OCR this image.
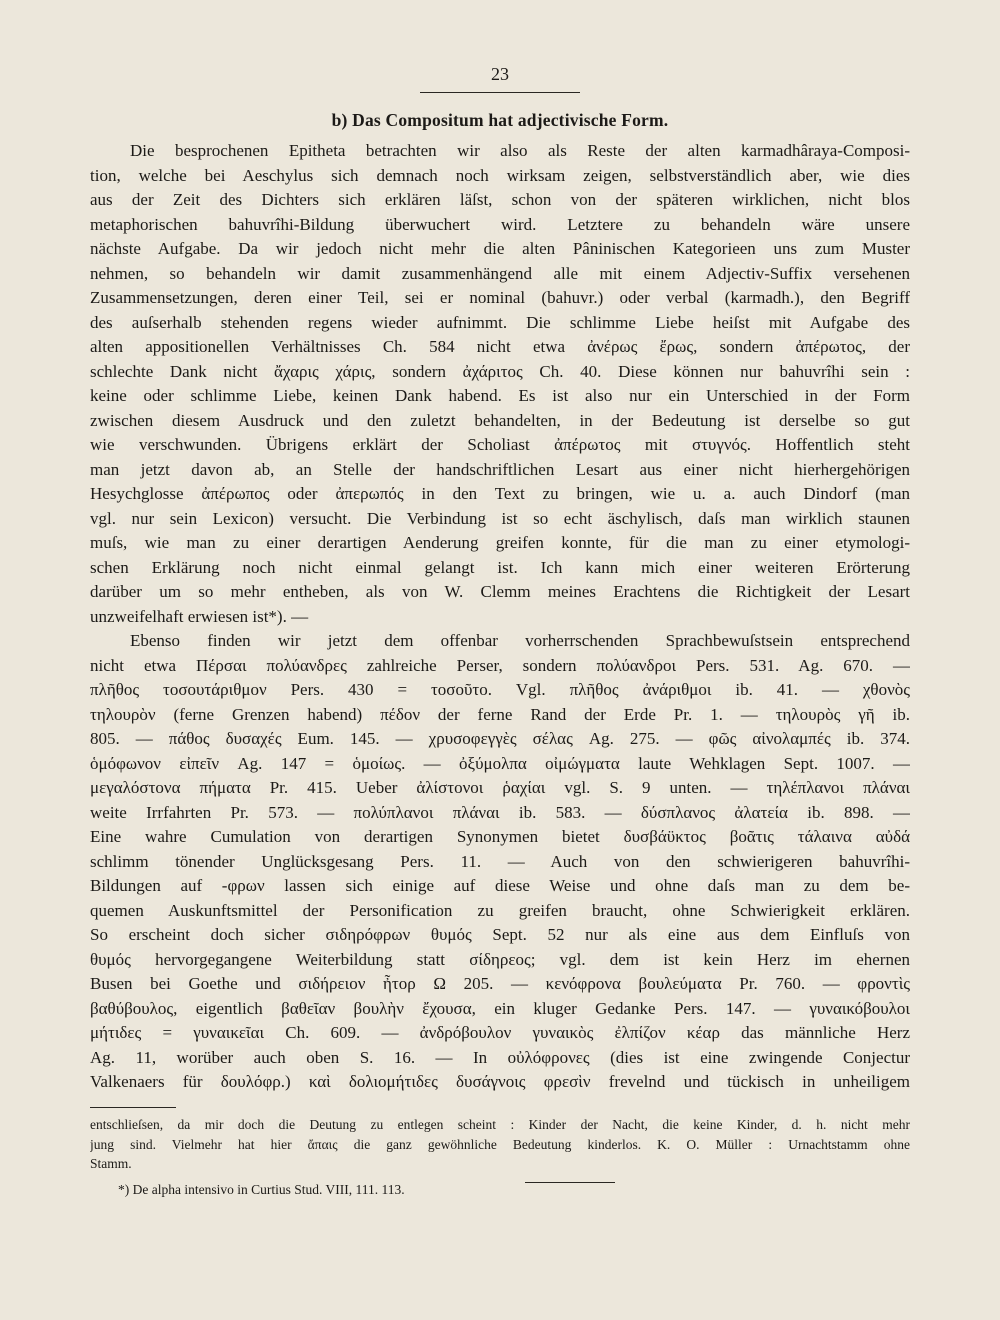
23
b) Das Compositum hat adjectivische Form.
Die besprochenen Epitheta betrachten wir also als Reste der alten karmadhâraya-Composi-
tion, welche bei Aeschylus sich demnach noch wirksam zeigen, selbstverständlich aber, wie dies
aus der Zeit des Dichters sich erklären läſst, schon von der späteren wirklichen, nicht blos
metaphorischen bahuvrîhi-Bildung überwuchert wird. Letztere zu behandeln wäre unsere
nächste Aufgabe. Da wir jedoch nicht mehr die alten Pâninischen Kategorieen uns zum Muster
nehmen, so behandeln wir damit zusammenhängend alle mit einem Adjectiv-Suffix versehenen
Zusammensetzungen, deren einer Teil, sei er nominal (bahuvr.) oder verbal (karmadh.), den Begriff
des auſserhalb stehenden regens wieder aufnimmt. Die schlimme Liebe heiſst mit Aufgabe des
alten appositionellen Verhältnisses Ch. 584 nicht etwa ἀνέρως ἔρως, sondern ἀπέρωτος, der
schlechte Dank nicht ἄχαρις χάρις, sondern ἀχάριτος Ch. 40. Diese können nur bahuvrîhi sein :
keine oder schlimme Liebe, keinen Dank habend. Es ist also nur ein Unterschied in der Form
zwischen diesem Ausdruck und den zuletzt behandelten, in der Bedeutung ist derselbe so gut
wie verschwunden. Übrigens erklärt der Scholiast ἀπέρωτος mit στυγνός. Hoffentlich steht
man jetzt davon ab, an Stelle der handschriftlichen Lesart aus einer nicht hierhergehörigen
Hesychglosse ἀπέρωπος oder ἀπερωπός in den Text zu bringen, wie u. a. auch Dindorf (man
vgl. nur sein Lexicon) versucht. Die Verbindung ist so echt äschylisch, daſs man wirklich staunen
muſs, wie man zu einer derartigen Aenderung greifen konnte, für die man zu einer etymologi-
schen Erklärung noch nicht einmal gelangt ist. Ich kann mich einer weiteren Erörterung
darüber um so mehr entheben, als von W. Clemm meines Erachtens die Richtigkeit der Lesart
unzweifelhaft erwiesen ist*). —
Ebenso finden wir jetzt dem offenbar vorherrschenden Sprachbewuſstsein entsprechend
nicht etwa Πέρσαι πολύανδρες zahlreiche Perser, sondern πολύανδροι Pers. 531. Ag. 670. —
πλῆθος τοσουτάριθμον Pers. 430 = τοσοῦτο. Vgl. πλῆθος ἀνάριθμοι ib. 41. — χθονὸς
τηλουρὸν (ferne Grenzen habend) πέδον der ferne Rand der Erde Pr. 1. — τηλουρὸς γῆ ib.
805. — πάθος δυσαχές Eum. 145. — χρυσοφεγγὲς σέλας Ag. 275. — φῶς αἰνολαμπές ib. 374.
ὁμόφωνον εἰπεῖν Ag. 147 = ὁμοίως. — ὀξύμολπα οἰμώγματα laute Wehklagen Sept. 1007. —
μεγαλόστονα πήματα Pr. 415. Ueber ἀλίστονοι ῥαχίαι vgl. S. 9 unten. — τηλέπλανοι πλάναι
weite Irrfahrten Pr. 573. — πολύπλανοι πλάναι ib. 583. — δύσπλανος ἀλατεία ib. 898. —
Eine wahre Cumulation von derartigen Synonymen bietet δυσβάϋκτος βοᾶτις τάλαινα αὐδά
schlimm tönender Unglücksgesang Pers. 11. — Auch von den schwierigeren bahuvrîhi-
Bildungen auf -φρων lassen sich einige auf diese Weise und ohne daſs man zu dem be-
quemen Auskunftsmittel der Personification zu greifen braucht, ohne Schwierigkeit erklären.
So erscheint doch sicher σιδηρόφρων θυμός Sept. 52 nur als eine aus dem Einfluſs von
θυμός hervorgegangene Weiterbildung statt σίδηρεος; vgl. dem ist kein Herz im ehernen
Busen bei Goethe und σιδήρειον ἦτορ Ω 205. — κενόφρονα βουλεύματα Pr. 760. — φροντὶς
βαθύβουλος, eigentlich βαθεῖαν βουλὴν ἔχουσα, ein kluger Gedanke Pers. 147. — γυναικόβουλοι
μήτιδες = γυναικεῖαι Ch. 609. — ἀνδρόβουλον γυναικὸς ἐλπίζον κέαρ das männliche Herz
Ag. 11, worüber auch oben S. 16. — In οὐλόφρονες (dies ist eine zwingende Conjectur
Valkenaers für δουλόφρ.) καὶ δολιομήτιδες δυσάγνοις φρεσὶν frevelnd und tückisch in unheiligem
entschlieſsen, da mir doch die Deutung zu entlegen scheint : Kinder der Nacht, die keine Kinder, d. h. nicht mehr
jung sind. Vielmehr hat hier ἄπαις die ganz gewöhnliche Bedeutung kinderlos. K. O. Müller : Urnachtstamm ohne
Stamm.
*) De alpha intensivo in Curtius Stud. VIII, 111. 113.
